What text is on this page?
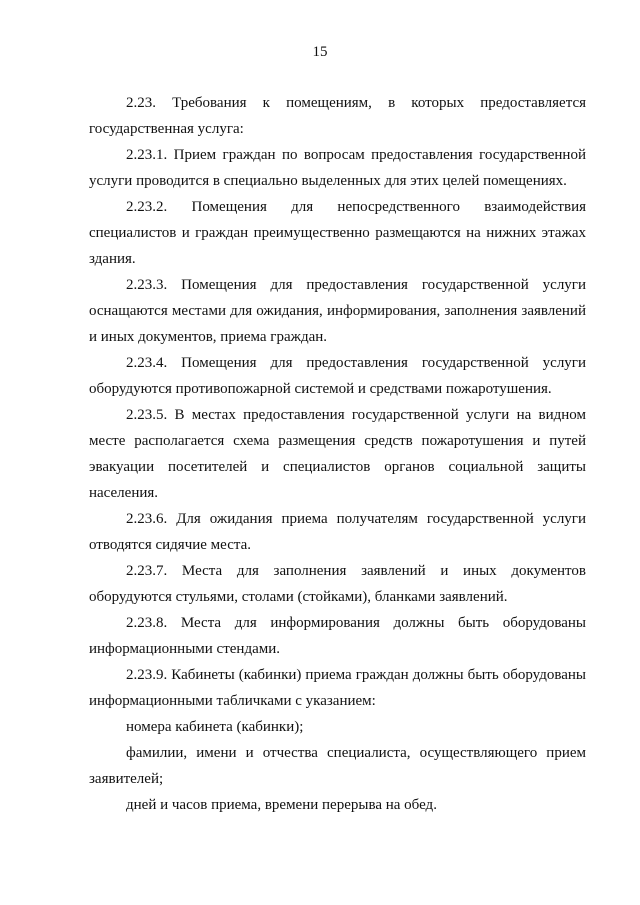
15

2.23. Требования к помещениям, в которых предоставляется государственная услуга:

2.23.1. Прием граждан по вопросам предоставления государственной услуги проводится в специально выделенных для этих целей помещениях.

2.23.2. Помещения для непосредственного взаимодействия специалистов и граждан преимущественно размещаются на нижних этажах здания.

2.23.3. Помещения для предоставления государственной услуги оснащаются местами для ожидания, информирования, заполнения заявлений и иных документов, приема граждан.

2.23.4. Помещения для предоставления государственной услуги оборудуются противопожарной системой и средствами пожаротушения.

2.23.5. В местах предоставления государственной услуги на видном месте располагается схема размещения средств пожаротушения и путей эвакуации посетителей и специалистов органов социальной защиты населения.

2.23.6. Для ожидания приема получателям государственной услуги отводятся сидячие места.

2.23.7. Места для заполнения заявлений и иных документов оборудуются стульями, столами (стойками), бланками заявлений.

2.23.8. Места для информирования должны быть оборудованы информационными стендами.

2.23.9. Кабинеты (кабинки) приема граждан должны быть оборудованы информационными табличками с указанием:

номера кабинета (кабинки);

фамилии, имени и отчества специалиста, осуществляющего прием заявителей;

дней и часов приема, времени перерыва на обед.
